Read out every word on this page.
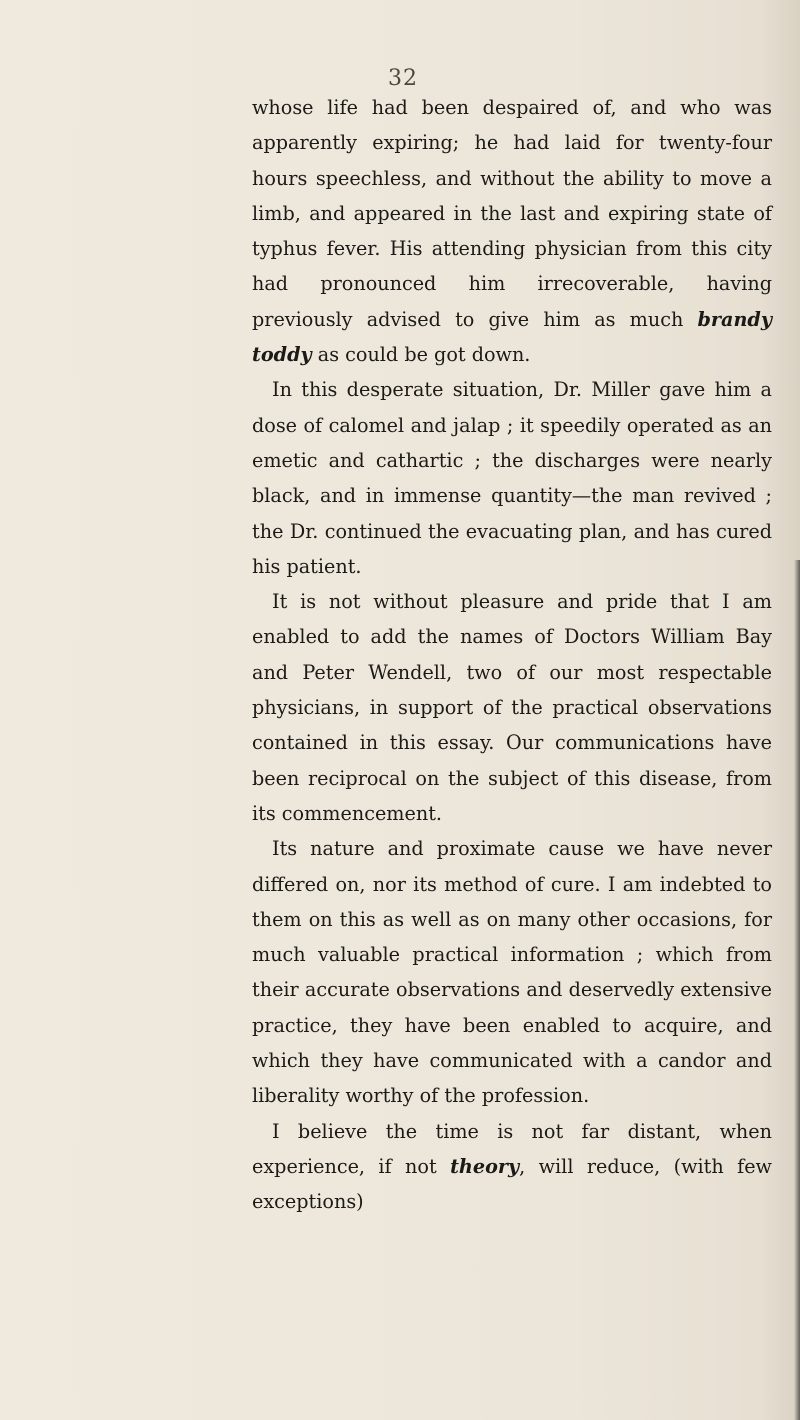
32

whose life had been despaired of, and who was apparently expiring; he had laid for twenty-four hours speechless, and without the ability to move a limb, and appeared in the last and expiring state of typhus fever. His attending physician from this city had pronounced him irrecoverable, having previously advised to give him as much brandy toddy as could be got down.

In this desperate situation, Dr. Miller gave him a dose of calomel and jalap ; it speedily operated as an emetic and cathartic ; the discharges were nearly black, and in immense quantity—the man revived ; the Dr. continued the evacuating plan, and has cured his patient.

It is not without pleasure and pride that I am enabled to add the names of Doctors William Bay and Peter Wendell, two of our most respectable physicians, in support of the practical observations contained in this essay. Our communications have been reciprocal on the subject of this disease, from its commencement.

Its nature and proximate cause we have never differed on, nor its method of cure. I am indebted to them on this as well as on many other occasions, for much valuable practical information ; which from their accurate observations and deservedly extensive practice, they have been enabled to acquire, and which they have communicated with a candor and liberality worthy of the profession.

I believe the time is not far distant, when experience, if not theory, will reduce, (with few exceptions)
